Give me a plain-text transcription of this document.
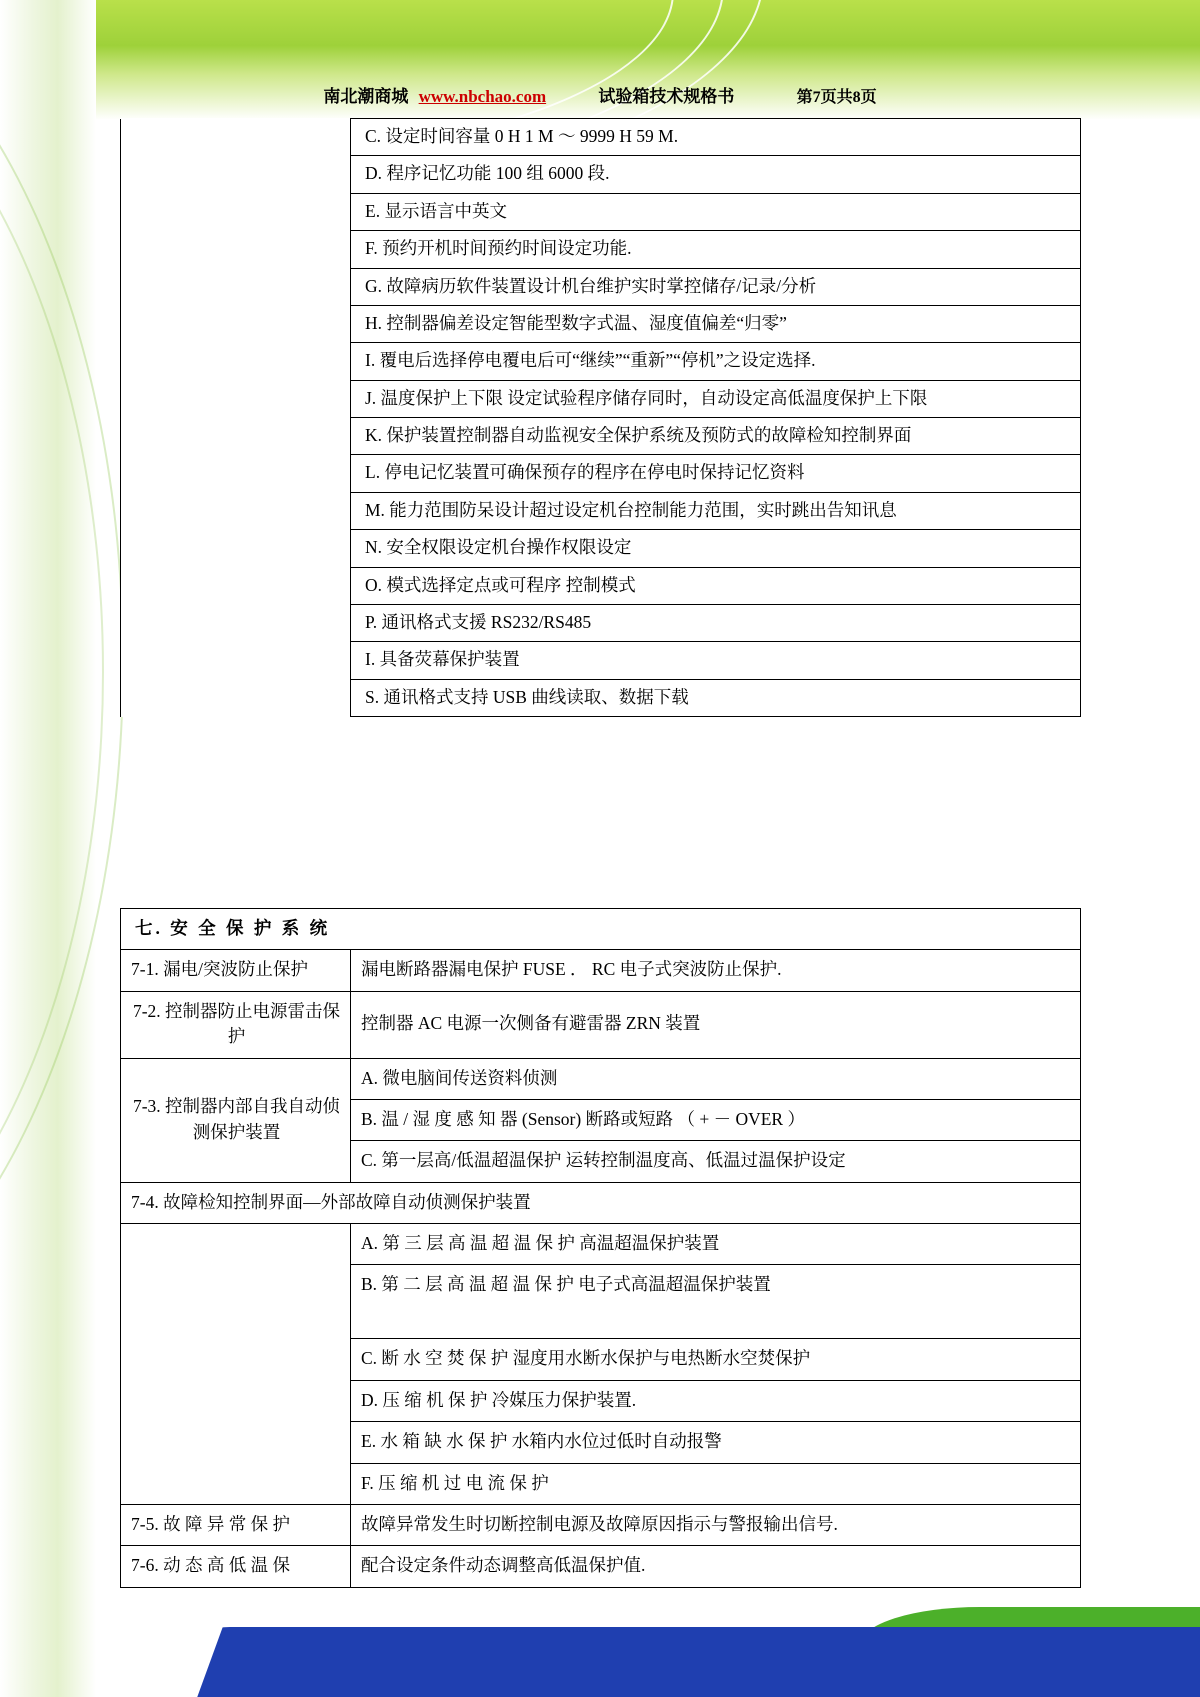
南北潮商城 www.nbchao.com	试验箱技术规格书	第7页共8页
	C. 设定时间容量 0 H 1 M ～ 9999 H 59 M.
D. 程序记忆功能 100 组 6000 段.
E. 显示语言中英文
F. 预约开机时间预约时间设定功能.
G. 故障病历软件装置设计机台维护实时掌控储存/记录/分析
H. 控制器偏差设定智能型数字式温、湿度值偏差“归零”
I. 覆电后选择停电覆电后可“继续”“重新”“停机”之设定选择.
J. 温度保护上下限 设定试验程序储存同时，自动设定高低温度保护上下限
K. 保护装置控制器自动监视安全保护系统及预防式的故障检知控制界面
L. 停电记忆装置可确保预存的程序在停电时保持记忆资料
M. 能力范围防呆设计超过设定机台控制能力范围，实时跳出告知讯息
N. 安全权限设定机台操作权限设定
O. 模式选择定点或可程序 控制模式
P. 通讯格式支援 RS232/RS485
I. 具备荧幕保护装置
S. 通讯格式支持 USB 曲线读取、数据下载
七. 安 全 保 护 系 统	
7-1. 漏电/突波防止保护	漏电断路器漏电保护 FUSE ． RC 电子式突波防止保护.
7-2. 控制器防止电源雷击保护	控制器 AC 电源一次侧备有避雷器 ZRN 装置
7-3. 控制器内部自我自动侦测保护装置	A. 微电脑间传送资料侦测
	B. 温 / 湿 度 感 知 器 (Sensor) 断路或短路 （ + － OVER ）
	C. 第一层高/低温超温保护 运转控制温度高、低温过温保护设定
7-4. 故障检知控制界面—外部故障自动侦测保护装置	
	A. 第 三 层 高 温 超 温 保 护 高温超温保护装置
	B. 第 二 层 高 温 超 温 保 护 电子式高温超温保护装置
	C. 断 水 空 焚 保 护 湿度用水断水保护与电热断水空焚保护
	D. 压 缩 机 保 护 冷媒压力保护装置.
	E. 水 箱 缺 水 保 护 水箱内水位过低时自动报警
	F. 压 缩 机 过 电 流 保 护
7-5. 故 障 异 常 保 护	故障异常发生时切断控制电源及故障原因指示与警报输出信号.
7-6. 动 态 高 低 温 保	配合设定条件动态调整高低温保护值.
